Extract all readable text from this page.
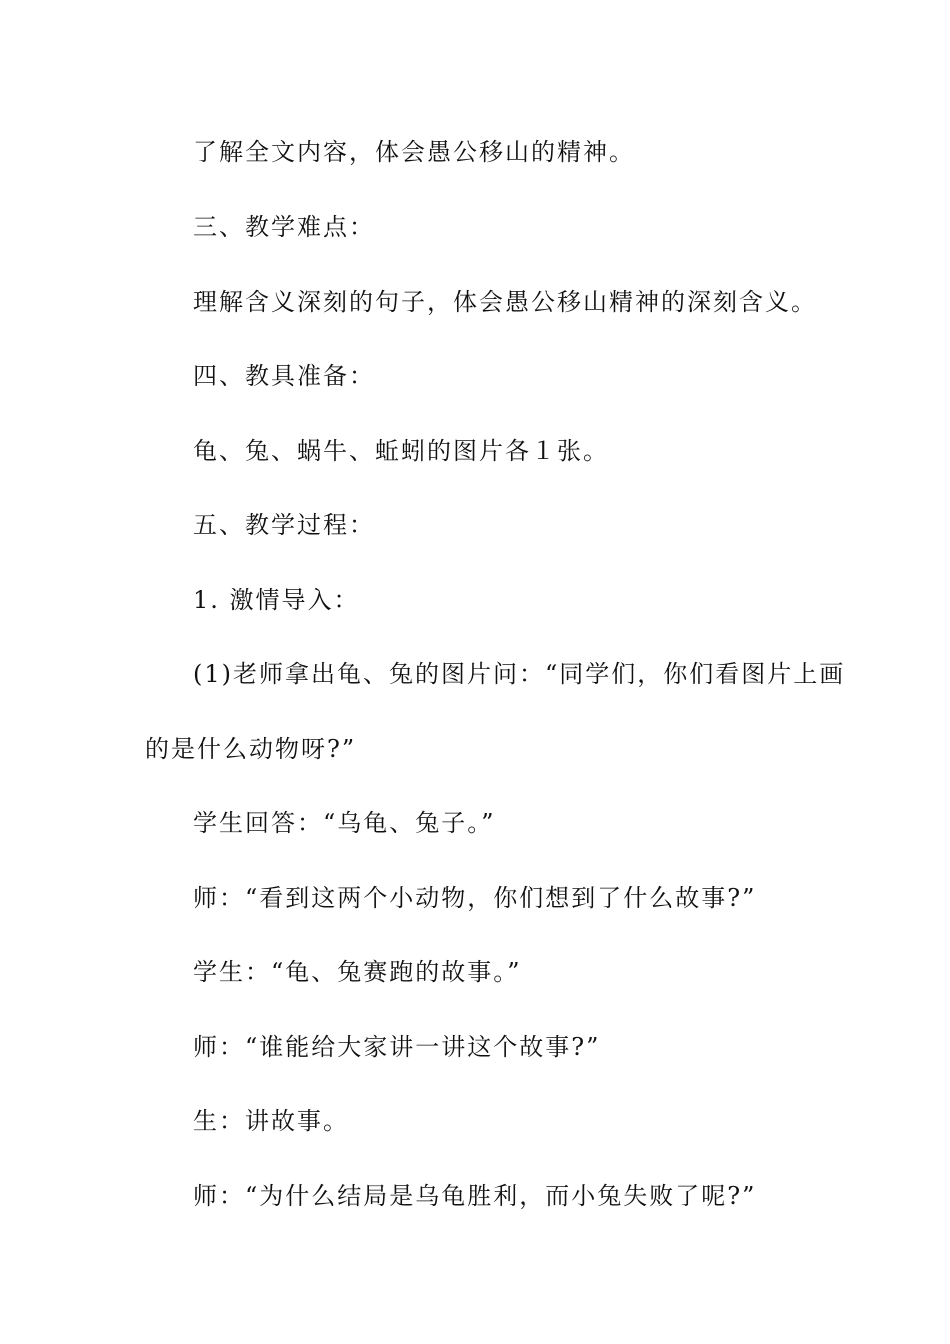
了解全文内容，体会愚公移山的精神。
三、教学难点：
理解含义深刻的句子，体会愚公移山精神的深刻含义。
四、教具准备：
龟、兔、蜗牛、蚯蚓的图片各１张。
五、教学过程：
1. 激情导入：
(1)老师拿出龟、兔的图片问：“同学们，你们看图片上画
的是什么动物呀?”
学生回答：“乌龟、兔子。”
师：“看到这两个小动物，你们想到了什么故事?”
学生：“龟、兔赛跑的故事。”
师：“谁能给大家讲一讲这个故事?”
生：讲故事。
师：“为什么结局是乌龟胜利，而小兔失败了呢?”
